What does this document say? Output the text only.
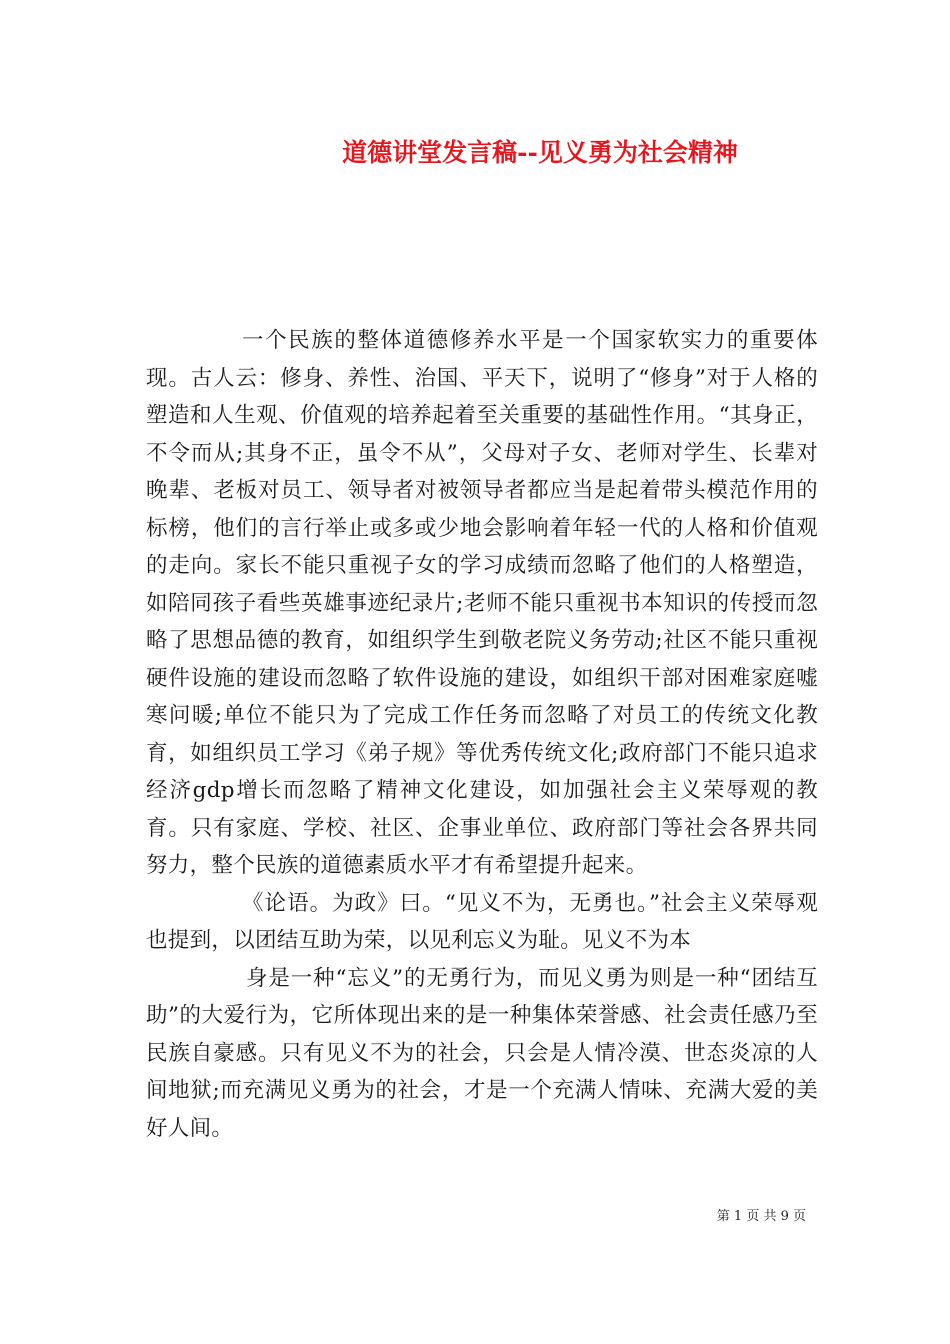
道德讲堂发言稿--见义勇为社会精神

一个民族的整体道德修养水平是一个国家软实力的重要体现。古人云：修身、养性、治国、平天下，说明了“修身”对于人格的塑造和人生观、价值观的培养起着至关重要的基础性作用。“其身正，不令而从;其身不正，虽令不从”，父母对子女、老师对学生、长辈对晚辈、老板对员工、领导者对被领导者都应当是起着带头模范作用的标榜，他们的言行举止或多或少地会影响着年轻一代的人格和价值观的走向。家长不能只重视子女的学习成绩而忽略了他们的人格塑造，如陪同孩子看些英雄事迹纪录片;老师不能只重视书本知识的传授而忽略了思想品德的教育，如组织学生到敬老院义务劳动;社区不能只重视硬件设施的建设而忽略了软件设施的建设，如组织干部对困难家庭嘘寒问暖;单位不能只为了完成工作任务而忽略了对员工的传统文化教育，如组织员工学习《弟子规》等优秀传统文化;政府部门不能只追求经济gdp增长而忽略了精神文化建设，如加强社会主义荣辱观的教育。只有家庭、学校、社区、企事业单位、政府部门等社会各界共同努力，整个民族的道德素质水平才有希望提升起来。

《论语。为政》曰。“见义不为，无勇也。”社会主义荣辱观也提到，以团结互助为荣，以见利忘义为耻。见义不为本

身是一种“忘义”的无勇行为，而见义勇为则是一种“团结互助”的大爱行为，它所体现出来的是一种集体荣誉感、社会责任感乃至民族自豪感。只有见义不为的社会，只会是人情冷漠、世态炎凉的人间地狱;而充满见义勇为的社会，才是一个充满人情味、充满大爱的美好人间。

第 1 页 共 9 页
